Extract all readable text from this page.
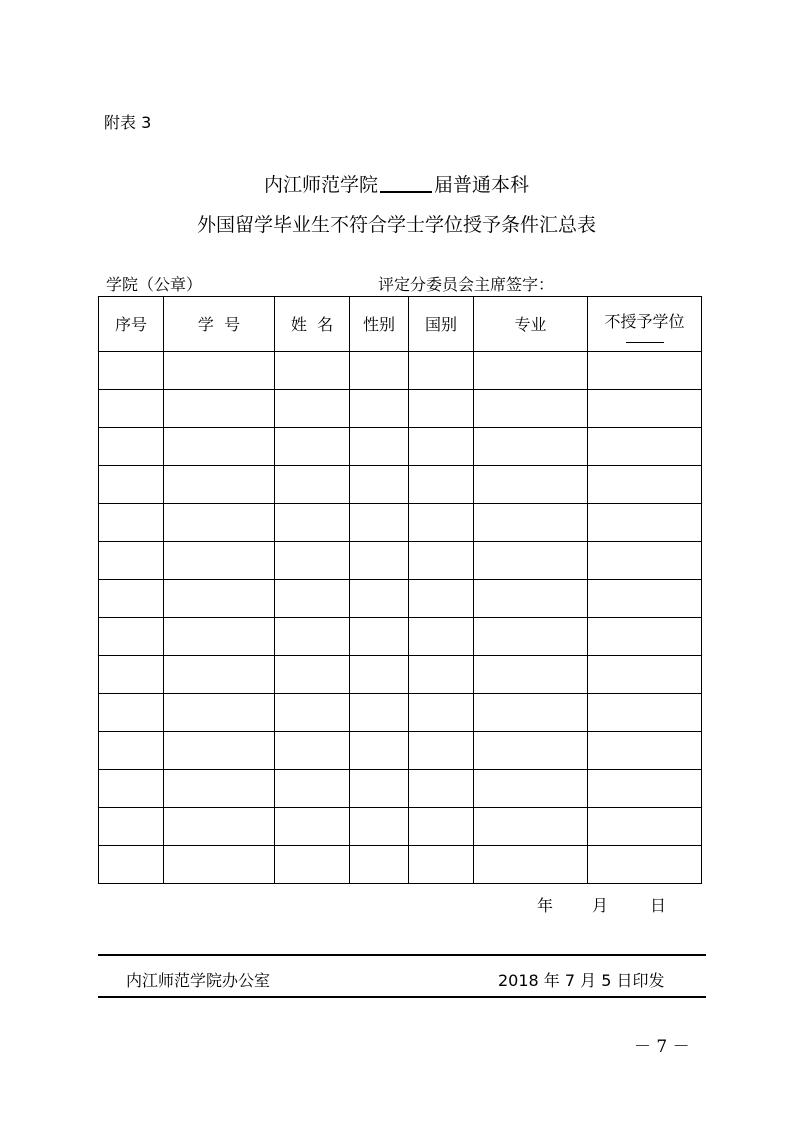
附表 3
内江师范学院	届普通本科
外国留学毕业生不符合学士学位授予条件汇总表
学院（公章）	评定分委员会主席签字：
序号	学  号	姓  名	性别	国别	专业	不授予学位

年 月	日
内江师范学院办公室	2018 年 7 月 5 日印发
－ 7 －
